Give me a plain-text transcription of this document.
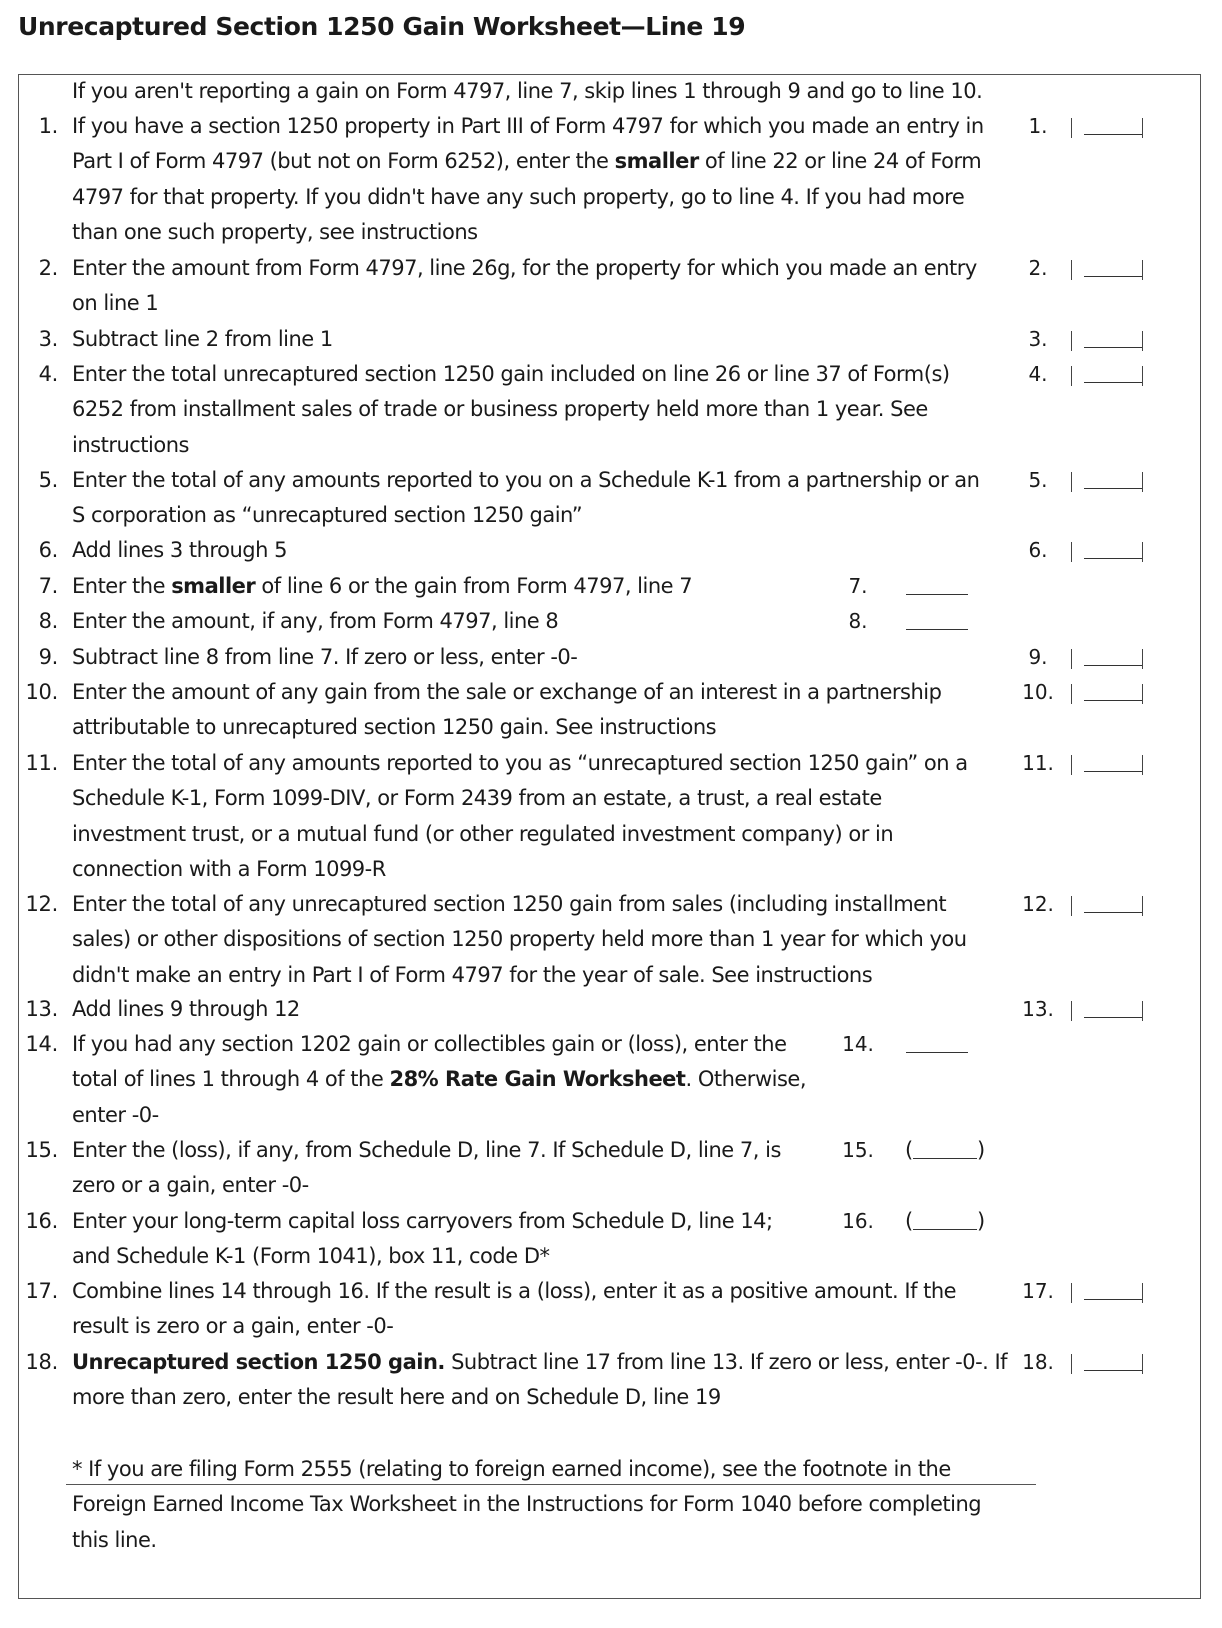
Unrecaptured Section 1250 Gain Worksheet—Line 19
If you aren't reporting a gain on Form 4797, line 7, skip lines 1 through 9 and go to line 10.
1. If you have a section 1250 property in Part III of Form 4797 for which you made an entry in
Part I of Form 4797 (but not on Form 6252), enter the smaller of line 22 or line 24 of Form
4797 for that property. If you didn't have any such property, go to line 4. If you had more
than one such property, see instructions
1.
2. Enter the amount from Form 4797, line 26g, for the property for which you made an entry
on line 1
2.
3. Subtract line 2 from line 1	3.
4. Enter the total unrecaptured section 1250 gain included on line 26 or line 37 of Form(s)
6252 from installment sales of trade or business property held more than 1 year. See
instructions
4.
5. Enter the total of any amounts reported to you on a Schedule K-1 from a partnership or an
S corporation as “unrecaptured section 1250 gain”
5.
6. Add lines 3 through 5	6.
7. Enter the smaller of line 6 or the gain from Form 4797, line 7	7.
8. Enter the amount, if any, from Form 4797, line 8	8.
9. Subtract line 8 from line 7. If zero or less, enter -0-	9.
10. Enter the amount of any gain from the sale or exchange of an interest in a partnership
attributable to unrecaptured section 1250 gain. See instructions
10.
11. Enter the total of any amounts reported to you as “unrecaptured section 1250 gain” on a
Schedule K-1, Form 1099-DIV, or Form 2439 from an estate, a trust, a real estate
investment trust, or a mutual fund (or other regulated investment company) or in
connection with a Form 1099-R
11.
12. Enter the total of any unrecaptured section 1250 gain from sales (including installment
sales) or other dispositions of section 1250 property held more than 1 year for which you
didn't make an entry in Part I of Form 4797 for the year of sale. See instructions
12.
13. Add lines 9 through 12	13.
14. If you had any section 1202 gain or collectibles gain or (loss), enter the
total of lines 1 through 4 of the 28% Rate Gain Worksheet. Otherwise,
enter -0-
14.
15. Enter the (loss), if any, from Schedule D, line 7. If Schedule D, line 7, is
zero or a gain, enter -0-
15. (	)
16. Enter your long-term capital loss carryovers from Schedule D, line 14;
and Schedule K-1 (Form 1041), box 11, code D*
16. (	)
17. Combine lines 14 through 16. If the result is a (loss), enter it as a positive amount. If the
result is zero or a gain, enter -0-
17.
18. Unrecaptured section 1250 gain. Subtract line 17 from line 13. If zero or less, enter -0-. If
more than zero, enter the result here and on Schedule D, line 19
18.
* If you are filing Form 2555 (relating to foreign earned income), see the footnote in the
Foreign Earned Income Tax Worksheet in the Instructions for Form 1040 before completing
this line.
